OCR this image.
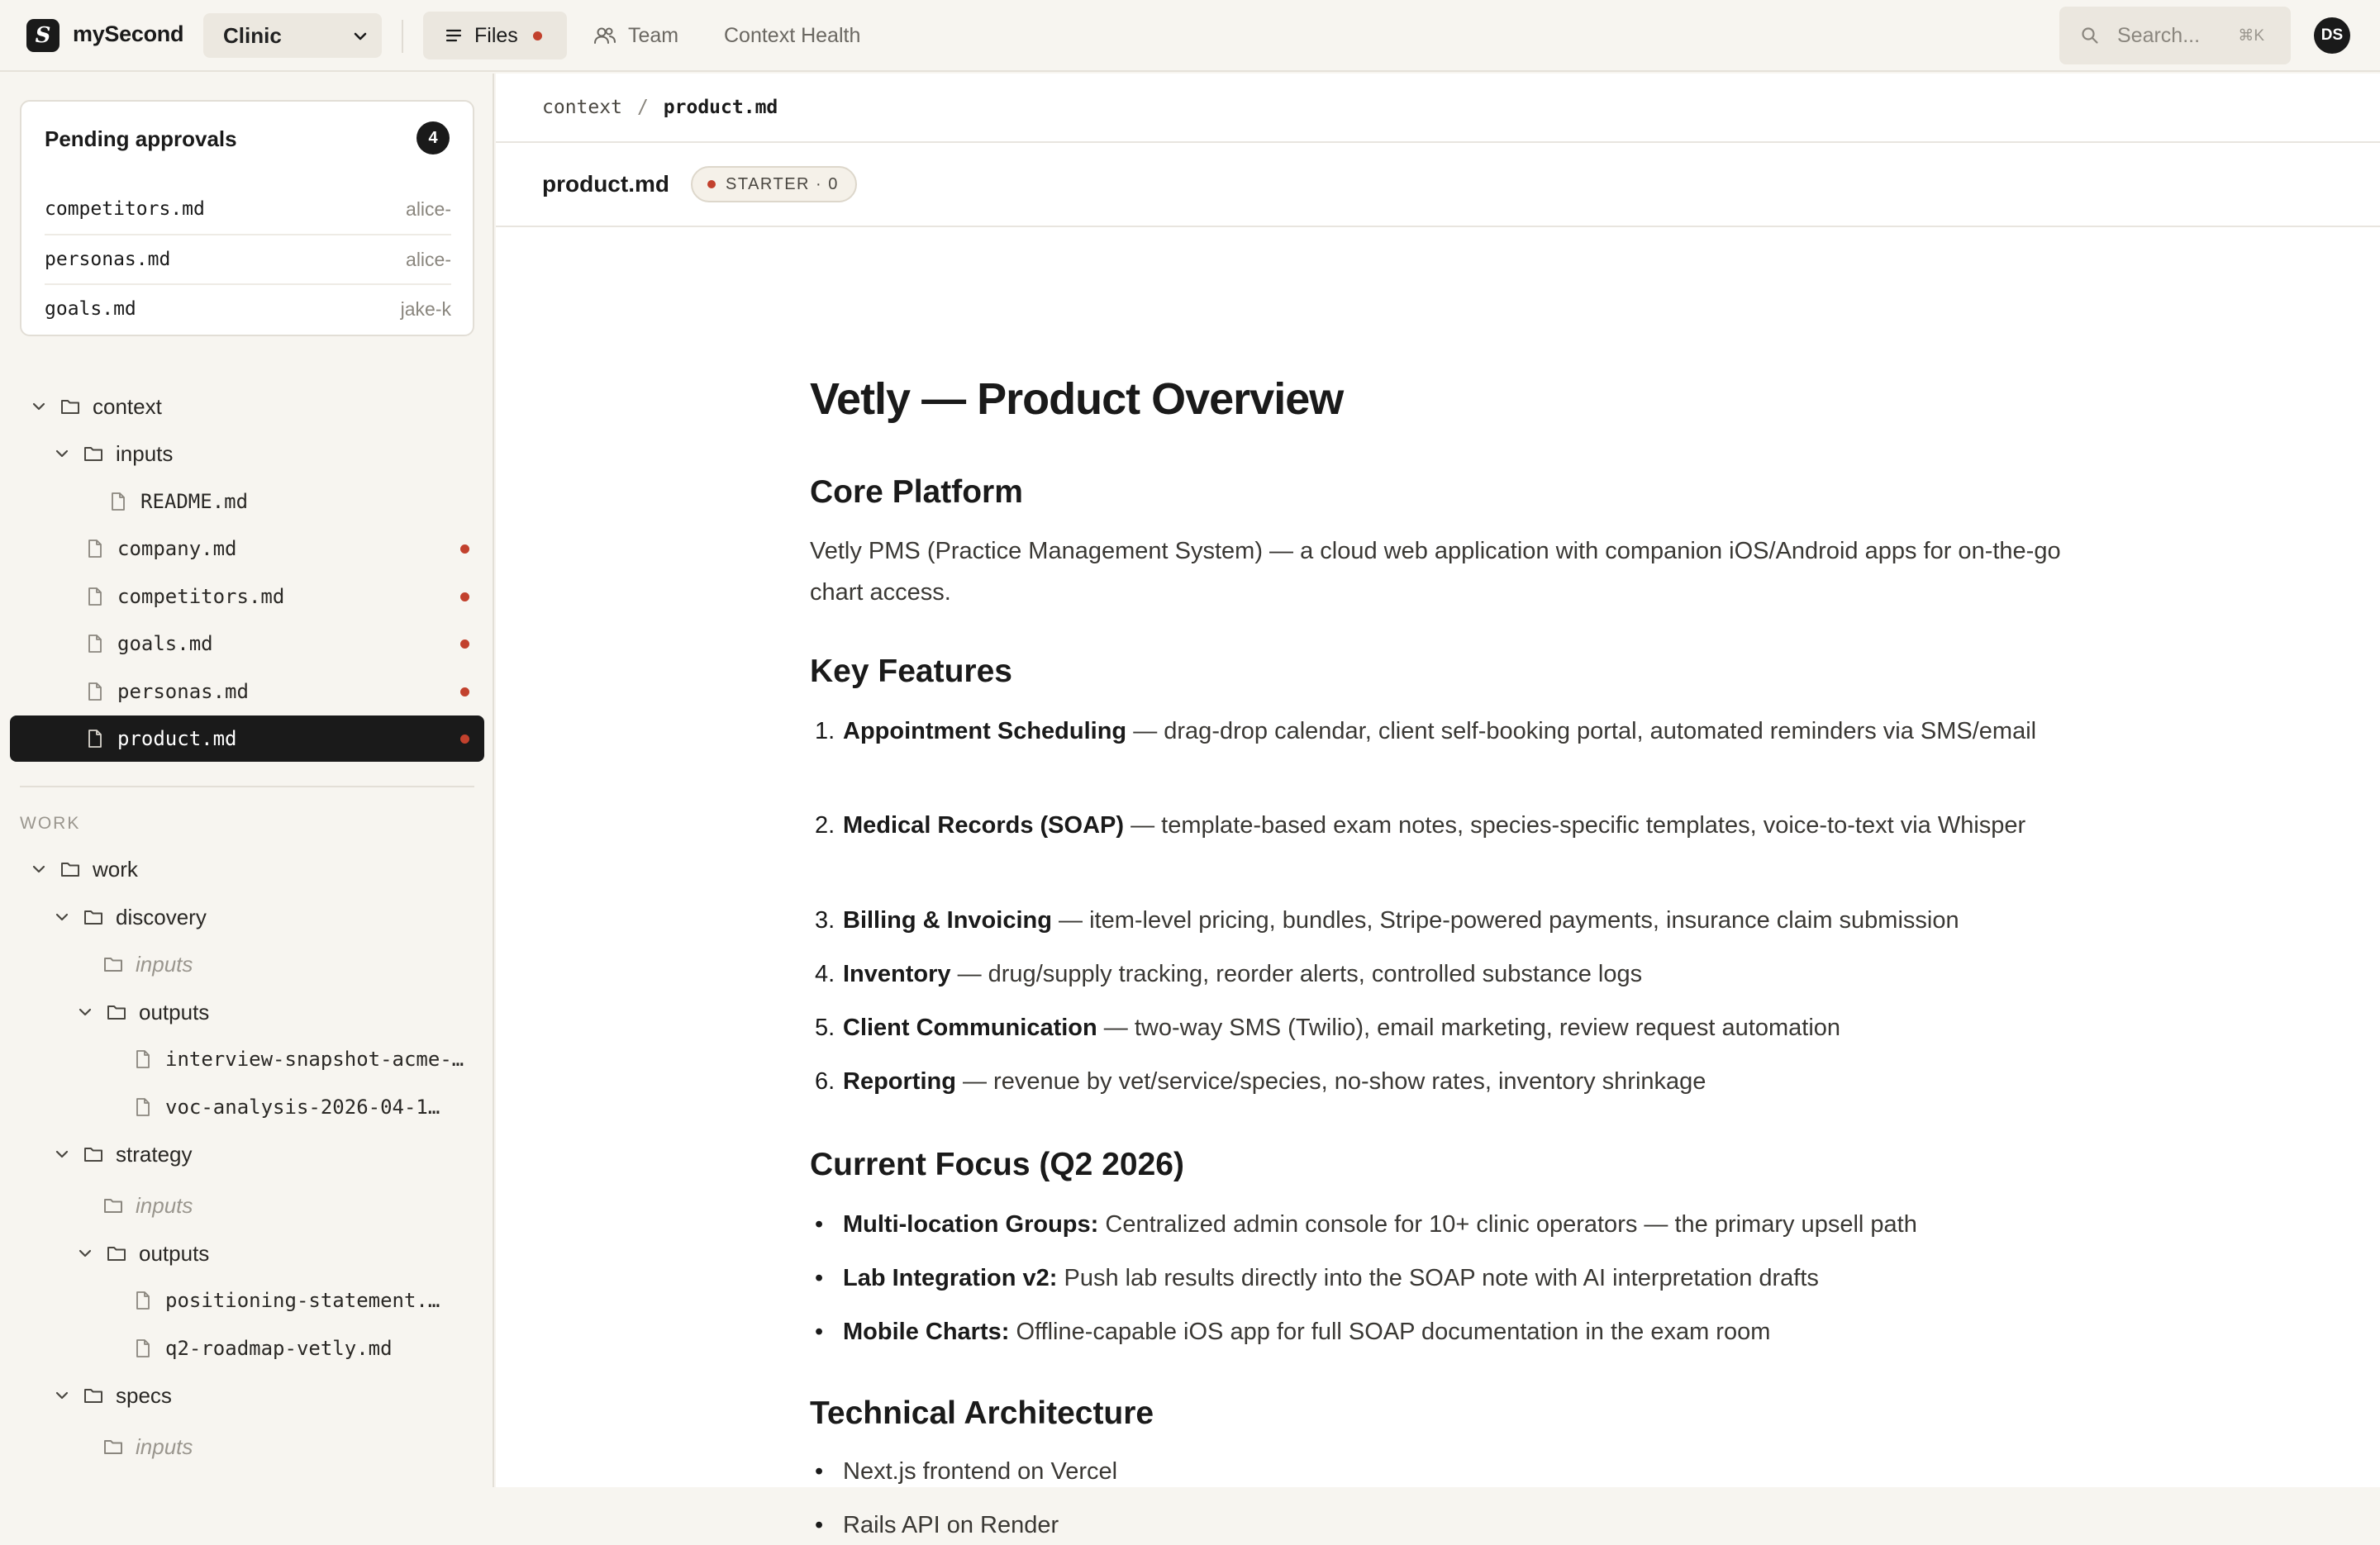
S mySecond Clinic	Files	Team Context Health	Search... ⌘K	DS
Pending approvals	4
competitors.md	alice-
personas.md	alice-
goals.md	jake-k
context
inputs
README.md
company.md
competitors.md
goals.md
personas.md
product.md
WORK
work
discovery
inputs
outputs
interview-snapshot-acme-…
voc-analysis-2026-04-1…
strategy
inputs
outputs
positioning-statement.…
q2-roadmap-vetly.md
specs
inputs
context / product.md
product.md	STARTER · 0
Vetly — Product Overview
Core Platform

Vetly PMS (Practice Management System) — a cloud web application with companion iOS/Android apps for on-the-go chart access.

Key Features
1. Appointment Scheduling — drag-drop calendar, client self-booking portal, automated reminders via SMS/email
2. Medical Records (SOAP) — template-based exam notes, species-specific templates, voice-to-text via Whisper
3. Billing & Invoicing — item-level pricing, bundles, Stripe-powered payments, insurance claim submission
4. Inventory — drug/supply tracking, reorder alerts, controlled substance logs
5. Client Communication — two-way SMS (Twilio), email marketing, review request automation
6. Reporting — revenue by vet/service/species, no-show rates, inventory shrinkage
Current Focus (Q2 2026)
• Multi-location Groups: Centralized admin console for 10+ clinic operators — the primary upsell path
• Lab Integration v2: Push lab results directly into the SOAP note with AI interpretation drafts
• Mobile Charts: Offline-capable iOS app for full SOAP documentation in the exam room
Technical Architecture
• Next.js frontend on Vercel
• Rails API on Render
